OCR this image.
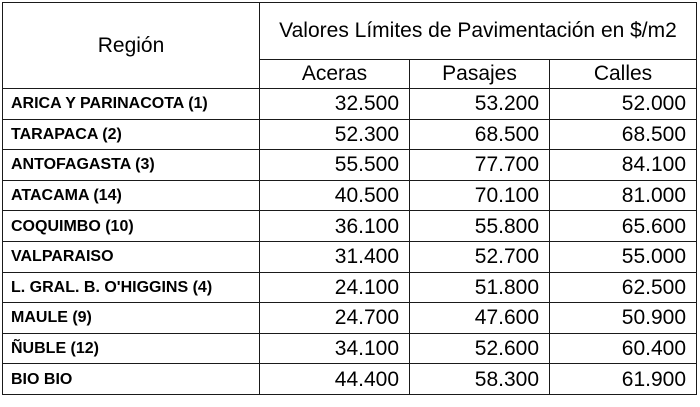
Región	Valores Límites de Pavimentación en $/m2		
	Aceras	Pasajes	Calles
ARICA Y PARINACOTA (1)	32.500	53.200	52.000
TARAPACA (2)	52.300	68.500	68.500
ANTOFAGASTA (3)	55.500	77.700	84.100
ATACAMA (14)	40.500	70.100	81.000
COQUIMBO (10)	36.100	55.800	65.600
VALPARAISO	31.400	52.700	55.000
L. GRAL. B. O'HIGGINS (4)	24.100	51.800	62.500
MAULE (9)	24.700	47.600	50.900
ÑUBLE (12)	34.100	52.600	60.400
BIO BIO	44.400	58.300	61.900
